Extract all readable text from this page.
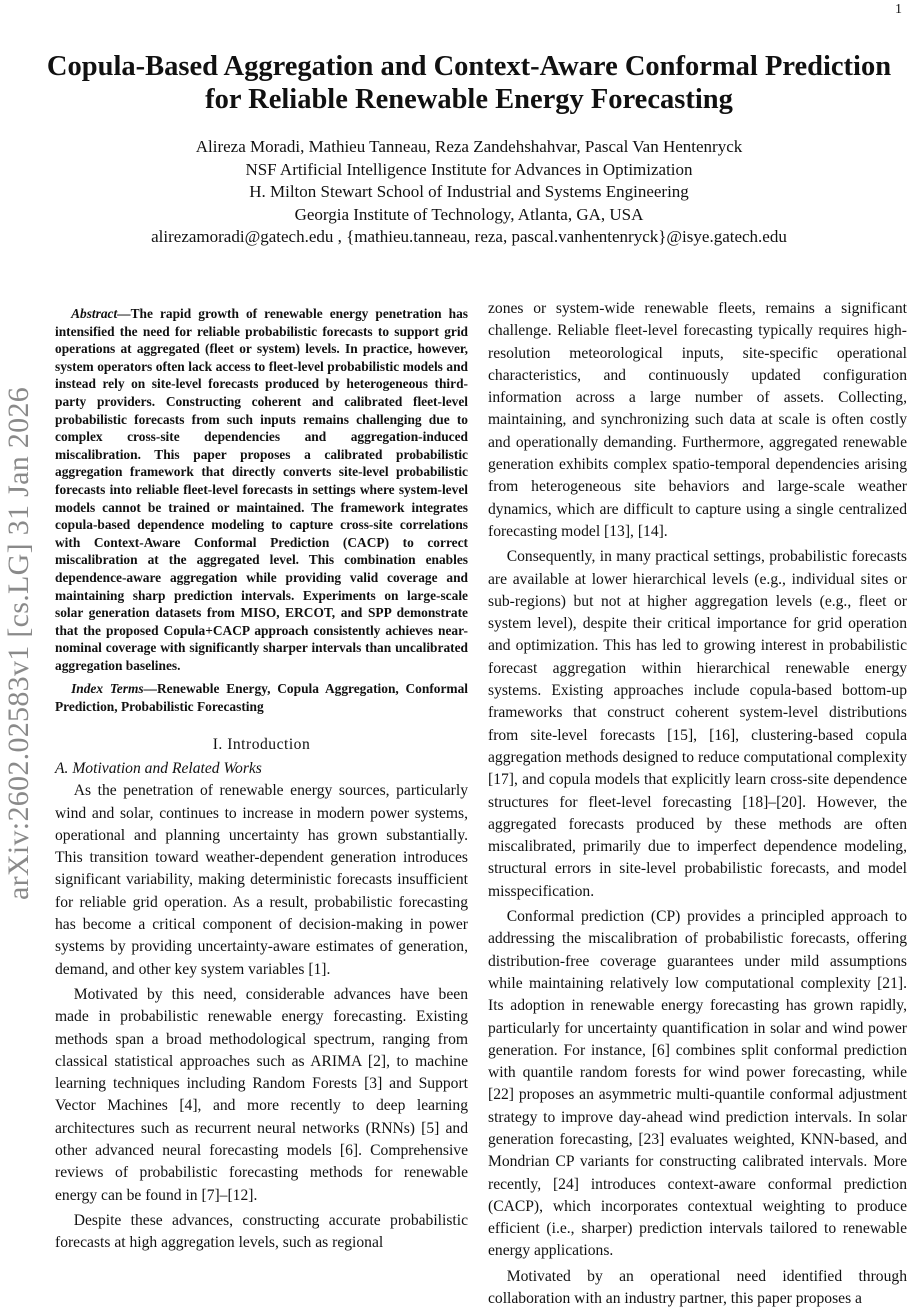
1
arXiv:2602.02583v1 [cs.LG] 31 Jan 2026
Copula-Based Aggregation and Context-Aware Conformal Prediction
for Reliable Renewable Energy Forecasting
Alireza Moradi, Mathieu Tanneau, Reza Zandehshahvar, Pascal Van Hentenryck
NSF Artificial Intelligence Institute for Advances in Optimization
H. Milton Stewart School of Industrial and Systems Engineering
Georgia Institute of Technology, Atlanta, GA, USA
alirezamoradi@gatech.edu , {mathieu.tanneau, reza, pascal.vanhentenryck}@isye.gatech.edu

Abstract—The rapid growth of renewable energy penetration has intensified the need for reliable probabilistic forecasts to support grid operations at aggregated (fleet or system) levels. In practice, however, system operators often lack access to fleet-level probabilistic models and instead rely on site-level forecasts produced by heterogeneous third-party providers. Constructing coherent and calibrated fleet-level probabilistic forecasts from such inputs remains challenging due to complex cross-site dependencies and aggregation-induced miscalibration. This paper proposes a calibrated probabilistic aggregation framework that directly converts site-level probabilistic forecasts into reliable fleet-level forecasts in settings where system-level models cannot be trained or maintained. The framework integrates copula-based dependence modeling to capture cross-site correlations with Context-Aware Conformal Prediction (CACP) to correct miscalibration at the aggregated level. This combination enables dependence-aware aggregation while providing valid coverage and maintaining sharp prediction intervals. Experiments on large-scale solar generation datasets from MISO, ERCOT, and SPP demonstrate that the proposed Copula+CACP approach consistently achieves near-nominal coverage with significantly sharper intervals than uncalibrated aggregation baselines.

Index Terms—Renewable Energy, Copula Aggregation, Conformal Prediction, Probabilistic Forecasting

I. Introduction

A. Motivation and Related Works

As the penetration of renewable energy sources, particularly wind and solar, continues to increase in modern power systems, operational and planning uncertainty has grown substantially. This transition toward weather-dependent generation introduces significant variability, making deterministic forecasts insufficient for reliable grid operation. As a result, probabilistic forecasting has become a critical component of decision-making in power systems by providing uncertainty-aware estimates of generation, demand, and other key system variables [1].

Motivated by this need, considerable advances have been made in probabilistic renewable energy forecasting. Existing methods span a broad methodological spectrum, ranging from classical statistical approaches such as ARIMA [2], to machine learning techniques including Random Forests [3] and Support Vector Machines [4], and more recently to deep learning architectures such as recurrent neural networks (RNNs) [5] and other advanced neural forecasting models [6]. Comprehensive reviews of probabilistic forecasting methods for renewable energy can be found in [7]–[12].

Despite these advances, constructing accurate probabilistic forecasts at high aggregation levels, such as regional

zones or system-wide renewable fleets, remains a significant challenge. Reliable fleet-level forecasting typically requires high-resolution meteorological inputs, site-specific operational characteristics, and continuously updated configuration information across a large number of assets. Collecting, maintaining, and synchronizing such data at scale is often costly and operationally demanding. Furthermore, aggregated renewable generation exhibits complex spatio-temporal dependencies arising from heterogeneous site behaviors and large-scale weather dynamics, which are difficult to capture using a single centralized forecasting model [13], [14].

Consequently, in many practical settings, probabilistic forecasts are available at lower hierarchical levels (e.g., individual sites or sub-regions) but not at higher aggregation levels (e.g., fleet or system level), despite their critical importance for grid operation and optimization. This has led to growing interest in probabilistic forecast aggregation within hierarchical renewable energy systems. Existing approaches include copula-based bottom-up frameworks that construct coherent system-level distributions from site-level forecasts [15], [16], clustering-based copula aggregation methods designed to reduce computational complexity [17], and copula models that explicitly learn cross-site dependence structures for fleet-level forecasting [18]–[20]. However, the aggregated forecasts produced by these methods are often miscalibrated, primarily due to imperfect dependence modeling, structural errors in site-level probabilistic forecasts, and model misspecification.

Conformal prediction (CP) provides a principled approach to addressing the miscalibration of probabilistic forecasts, offering distribution-free coverage guarantees under mild assumptions while maintaining relatively low computational complexity [21]. Its adoption in renewable energy forecasting has grown rapidly, particularly for uncertainty quantification in solar and wind power generation. For instance, [6] combines split conformal prediction with quantile random forests for wind power forecasting, while [22] proposes an asymmetric multi-quantile conformal adjustment strategy to improve day-ahead wind prediction intervals. In solar generation forecasting, [23] evaluates weighted, KNN-based, and Mondrian CP variants for constructing calibrated intervals. More recently, [24] introduces context-aware conformal prediction (CACP), which incorporates contextual weighting to produce efficient (i.e., sharper) prediction intervals tailored to renewable energy applications.

Motivated by an operational need identified through collaboration with an industry partner, this paper proposes a
